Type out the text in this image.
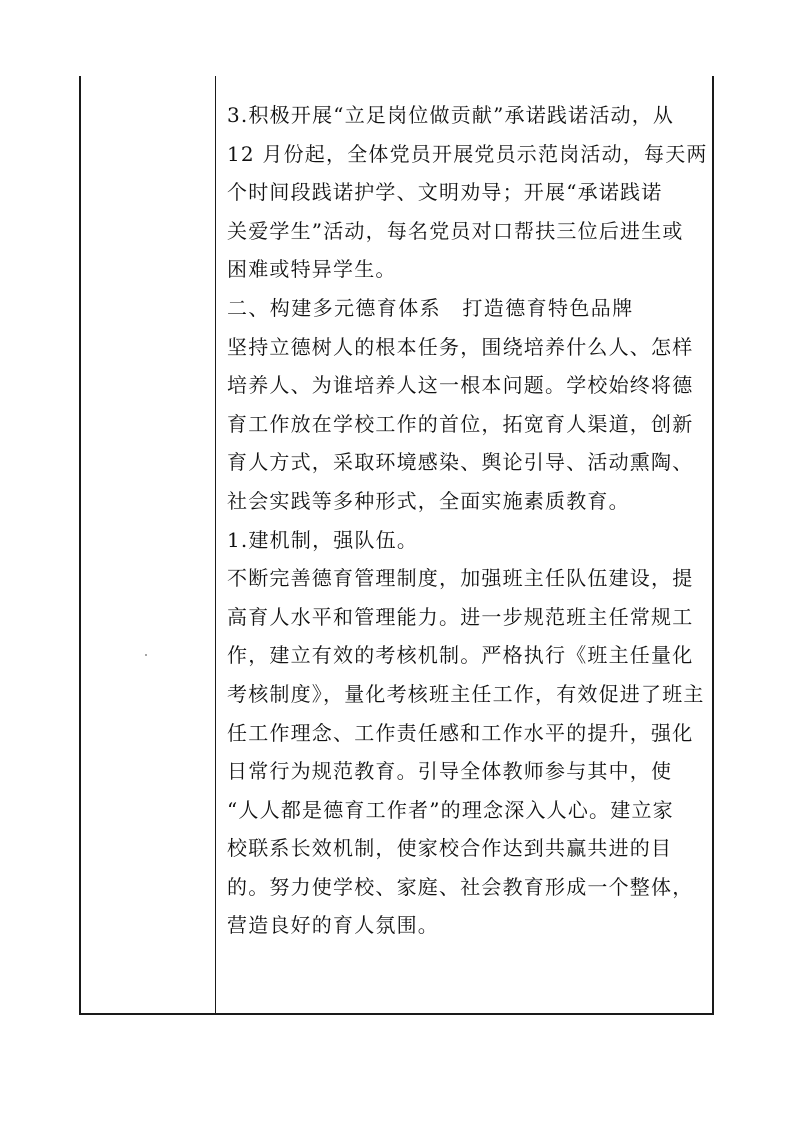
3.积极开展“立足岗位做贡献”承诺践诺活动，从
12 月份起，全体党员开展党员示范岗活动，每天两
个时间段践诺护学、文明劝导；开展“承诺践诺
关爱学生”活动，每名党员对口帮扶三位后进生或
困难或特异学生。
二、构建多元德育体系　打造德育特色品牌
坚持立德树人的根本任务，围绕培养什么人、怎样
培养人、为谁培养人这一根本问题。学校始终将德
育工作放在学校工作的首位，拓宽育人渠道，创新
育人方式，采取环境感染、舆论引导、活动熏陶、
社会实践等多种形式，全面实施素质教育。
1.建机制，强队伍。
不断完善德育管理制度，加强班主任队伍建设，提
高育人水平和管理能力。进一步规范班主任常规工
作，建立有效的考核机制。严格执行《班主任量化
考核制度》，量化考核班主任工作，有效促进了班主
任工作理念、工作责任感和工作水平的提升，强化
日常行为规范教育。引导全体教师参与其中，使
“人人都是德育工作者”的理念深入人心。建立家
校联系长效机制，使家校合作达到共赢共进的目
的。努力使学校、家庭、社会教育形成一个整体，
营造良好的育人氛围。
